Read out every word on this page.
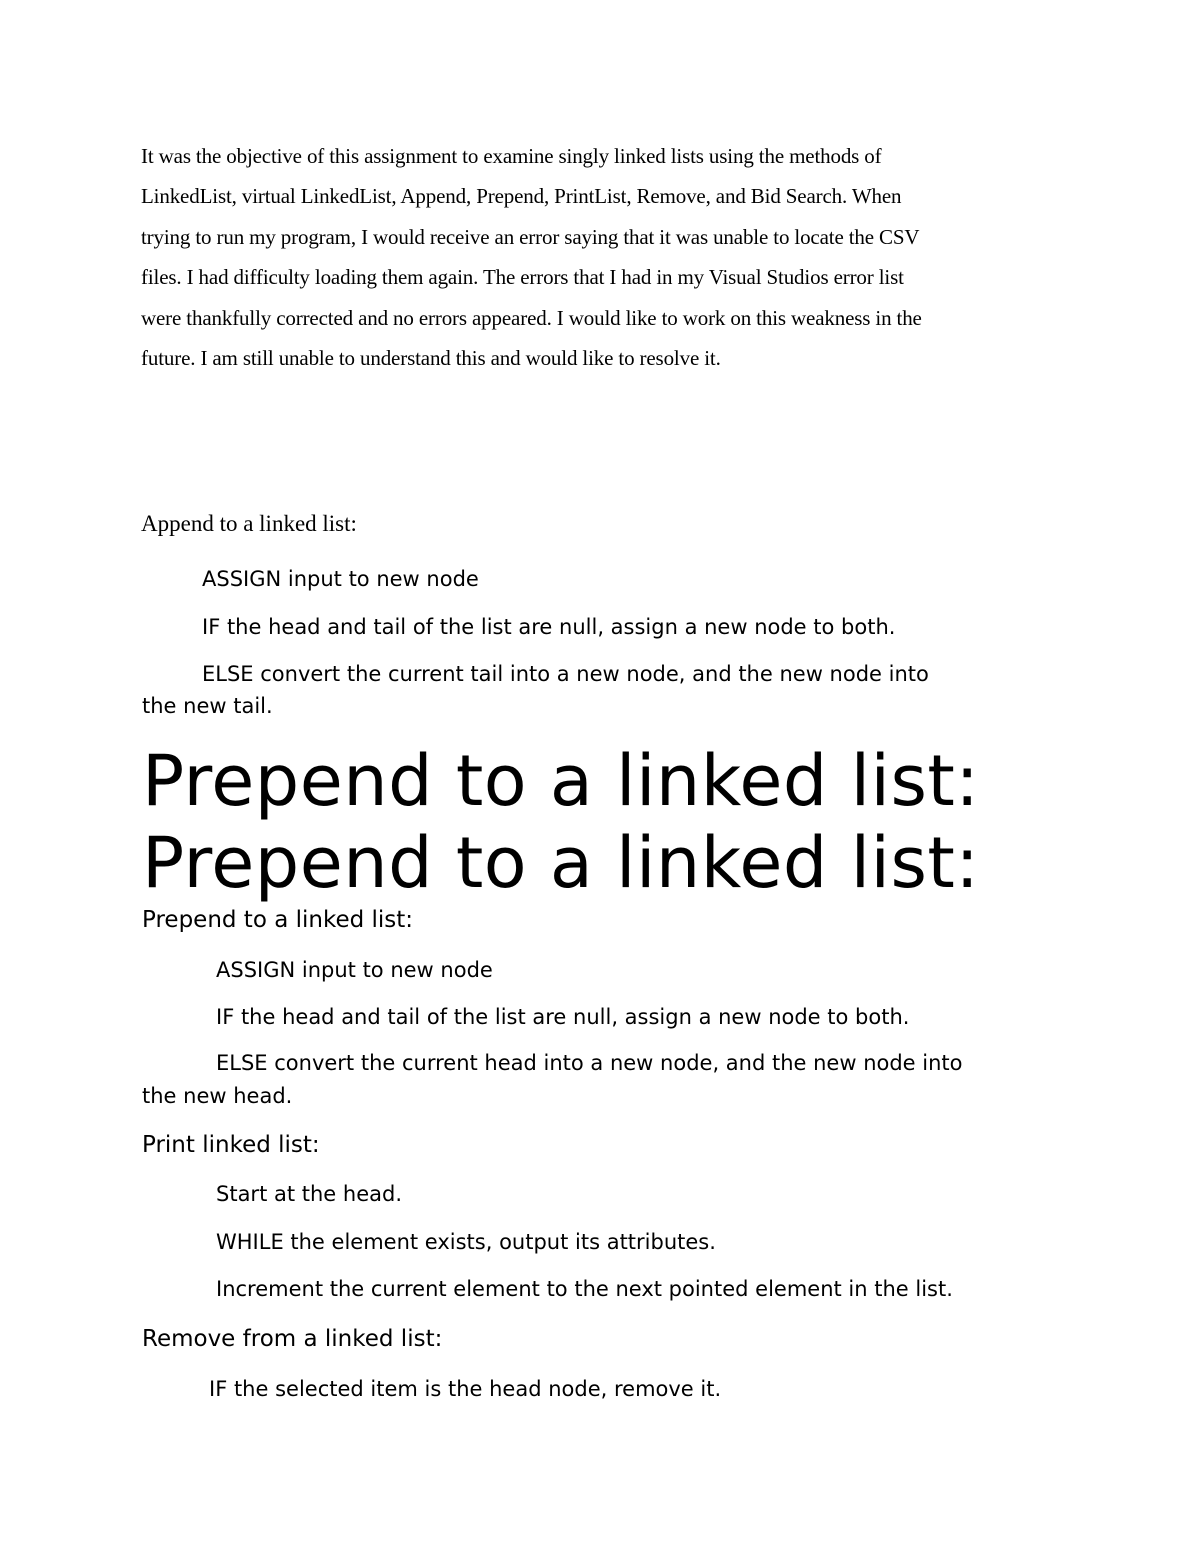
It was the objective of this assignment to examine singly linked lists using the methods of
LinkedList, virtual LinkedList, Append, Prepend, PrintList, Remove, and Bid Search. When
trying to run my program, I would receive an error saying that it was unable to locate the CSV
files. I had difficulty loading them again. The errors that I had in my Visual Studios error list
were thankfully corrected and no errors appeared. I would like to work on this weakness in the
future. I am still unable to understand this and would like to resolve it.
Append to a linked list:
ASSIGN input to new node
IF the head and tail of the list are null, assign a new node to both.
ELSE convert the current tail into a new node, and the new node into
the new tail.
Prepend to a linked list:
Prepend to a linked list:
Prepend to a linked list:
ASSIGN input to new node
IF the head and tail of the list are null, assign a new node to both.
ELSE convert the current head into a new node, and the new node into
the new head.
Print linked list:
Start at the head.
WHILE the element exists, output its attributes.
Increment the current element to the next pointed element in the list.
Remove from a linked list:
IF the selected item is the head node, remove it.
